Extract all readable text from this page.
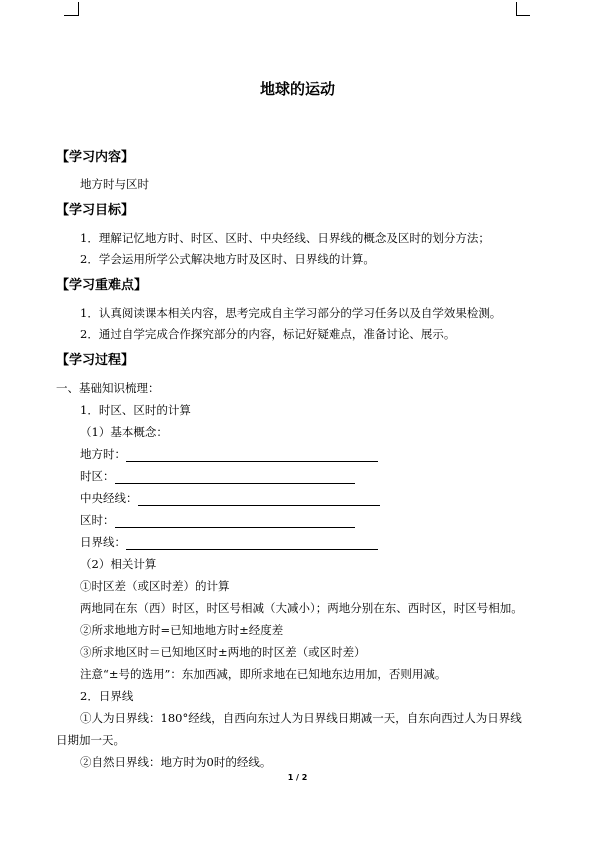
地球的运动
【学习内容】
地方时与区时
【学习目标】
1．理解记忆地方时、时区、区时、中央经线、日界线的概念及区时的划分方法；
2．学会运用所学公式解决地方时及区时、日界线的计算。
【学习重难点】
1．认真阅读课本相关内容，思考完成自主学习部分的学习任务以及自学效果检测。
2．通过自学完成合作探究部分的内容，标记好疑难点，准备讨论、展示。
【学习过程】
一、基础知识梳理：
1．时区、区时的计算
（1）基本概念：
地方时：
时区：
中央经线：
区时：
日界线：
（2）相关计算
①时区差（或区时差）的计算
两地同在东（西）时区，时区号相减（大减小）；两地分别在东、西时区，时区号相加。
②所求地地方时=已知地地方时±经度差
③所求地区时＝已知地区时±两地的时区差（或区时差）
注意“±号的选用”：东加西减，即所求地在已知地东边用加，否则用减。
2．日界线
①人为日界线：180°经线，自西向东过人为日界线日期减一天，自东向西过人为日界线
日期加一天。
②自然日界线：地方时为0时的经线。
1 / 2
